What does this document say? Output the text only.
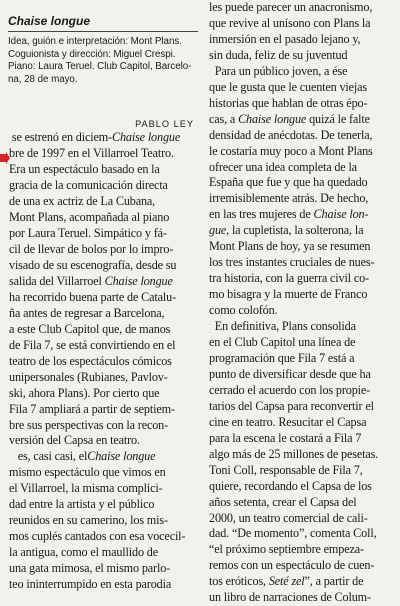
Chaise longue
Idea, guión e interpretación: Mont Plans.
Coguionista y dirección: Miguel Crespi.
Piano: Laura Teruel. Club Capitol, Barcelo-
na, 28 de mayo.
PABLO LEY
se estrenó en diciem-Chaise longue
bre de 1997 en el Villarroel Teatro.
Era un espectáculo basado en la
gracia de la comunicación directa
de una ex actriz de La Cubana,
Mont Plans, acompañada al piano
por Laura Teruel. Simpático y fá-
cil de llevar de bolos por lo impro-
visado de su escenografía, desde su
salida del Villarroel Chaise longue
ha recorrido buena parte de Catalu-
ña antes de regresar a Barcelona,
a este Club Capitol que, de manos
de Fila 7, se está convirtiendo en el
teatro de los espectáculos cómicos
unipersonales (Rubianes, Pavlov-
ski, ahora Plans). Por cierto que
Fila 7 ampliará a partir de septiem-
bre sus perspectivas con la recon-
versión del Capsa en teatro.
es, casi casi, elChaise longue
mismo espectáculo que vimos en
el Villarroel, la misma complici-
dad entre la artista y el público
reunidos en su camerino, los mis-
mos cuplés cantados con esa vocecil-
la antigua, como el maullido de
una gata mimosa, el mismo parlo-
teo ininterrumpido en esta parodia
les puede parecer un anacronismo,
que revive al unísono con Plans la
inmersión en el pasado lejano y,
sin duda, feliz de su juventud
Para un público joven, a ése
que le gusta que le cuenten viejas
historias que hablan de otras épo-
cas, a Chaise longue quizá le falte
densidad de anécdotas. De tenerla,
le costaría muy poco a Mont Plans
ofrecer una idea completa de la
España que fue y que ha quedado
irremisiblemente atrás. De hecho,
en las tres mujeres de Chaise lon-
gue, la cupletista, la solterona, la
Mont Plans de hoy, ya se resumen
los tres instantes cruciales de nues-
tra historia, con la guerra civil co-
mo bisagra y la muerte de Franco
como colofón.
En definitiva, Plans consolida
en el Club Capitol una línea de
programación que Fila 7 está a
punto de diversificar desde que ha
cerrado el acuerdo con los propie-
tarios del Capsa para reconvertir el
cine en teatro. Resucitar el Capsa
para la escena le costará a Fila 7
algo más de 25 millones de pesetas.
Toni Coll, responsable de Fila 7,
quiere, recordando el Capsa de los
años setenta, crear el Capsa del
2000, un teatro comercial de cali-
dad. “De momento”, comenta Coll,
“el próximo septiembre empeza-
remos con un espectáculo de cuen-
tos eróticos, Seté zel”, a partir de
un libro de narraciones de Colum-
